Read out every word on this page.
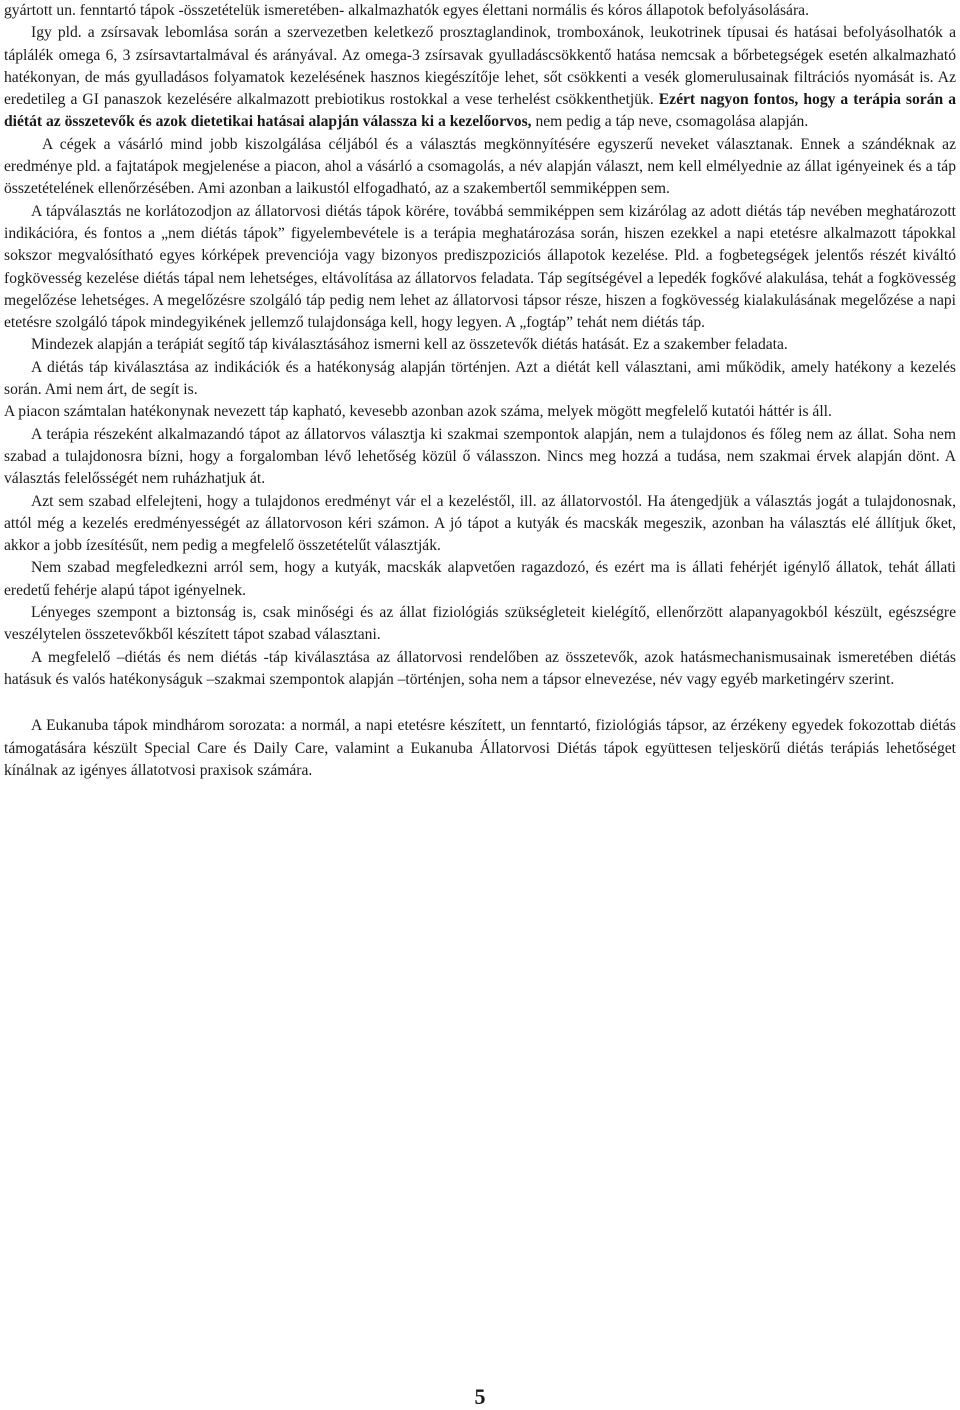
gyártott un. fenntartó tápok -összetételük ismeretében- alkalmazhatók egyes élettani normális és kóros állapotok befolyásolására.

Igy pld. a zsírsavak lebomlása során a szervezetben keletkező prosztaglandinok, tromboxánok, leukotrinek típusai és hatásai befolyásolhatók a táplálék omega 6, 3 zsírsavtartalmával és arányával. Az omega-3 zsírsavak gyulladáscsökkentő hatása nemcsak a bőrbetegségek esetén alkalmazható hatékonyan, de más gyulladásos folyamatok kezelésének hasznos kiegészítője lehet, sőt csökkenti a vesék glomerulusainak filtrációs nyomását is. Az eredetileg a GI panaszok kezelésére alkalmazott prebiotikus rostokkal a vese terhelést csökkenthetjük. Ezért nagyon fontos, hogy a terápia során a diétát az összetevők és azok dietetikai hatásai alapján válassza ki a kezelőorvos, nem pedig a táp neve, csomagolása alapján.

A cégek a vásárló mind jobb kiszolgálása céljából és a választás megkönnyítésére egyszerű neveket választanak. Ennek a szándéknak az eredménye pld. a fajtatápok megjelenése a piacon, ahol a vásárló a csomagolás, a név alapján választ, nem kell elmélyednie az állat igényeinek és a táp összetételének ellenőrzésében. Ami azonban a laikustól elfogadható, az a szakembertől semmiképpen sem.

A tápválasztás ne korlátozodjon az állatorvosi diétás tápok körére, továbbá semmiképpen sem kizárólag az adott diétás táp nevében meghatározott indikációra, és fontos a „nem diétás tápok” figyelembevétele is a terápia meghatározása során, hiszen ezekkel a napi etetésre alkalmazott tápokkal sokszor megvalósítható egyes kórképek prevenciója vagy bizonyos prediszpoziciós állapotok kezelése. Pld. a fogbetegségek jelentős részét kiváltó fogkövesség kezelése diétás tápal nem lehetséges, eltávolítása az állatorvos feladata. Táp segítségével a lepedék fogkővé alakulása, tehát a fogkövesség megelőzése lehetséges. A megelőzésre szolgáló táp pedig nem lehet az állatorvosi tápsor része, hiszen a fogkövesség kialakulásának megelőzése a napi etetésre szolgáló tápok mindegyikének jellemző tulajdonsága kell, hogy legyen. A „fogtáp” tehát nem diétás táp.

Mindezek alapján a terápiát segítő táp kiválasztásához ismerni kell az összetevők diétás hatását. Ez a szakember feladata.

A diétás táp kiválasztása az indikációk és a hatékonyság alapján történjen. Azt a diétát kell választani, ami működik, amely hatékony a kezelés során. Ami nem árt, de segít is.

A piacon számtalan hatékonynak nevezett táp kapható, kevesebb azonban azok száma, melyek mögött megfelelő kutatói háttér is áll.

A terápia részeként alkalmazandó tápot az állatorvos választja ki szakmai szempontok alapján, nem a tulajdonos és főleg nem az állat. Soha nem szabad a tulajdonosra bízni, hogy a forgalomban lévő lehetőség közül ő válasszon. Nincs meg hozzá a tudása, nem szakmai érvek alapján dönt. A választás felelősségét nem ruházhatjuk át.

Azt sem szabad elfelejteni, hogy a tulajdonos eredményt vár el a kezeléstől, ill. az állatorvostól. Ha átengedjük a választás jogát a tulajdonosnak, attól még a kezelés eredményességét az állatorvoson kéri számon. A jó tápot a kutyák és macskák megeszik, azonban ha választás elé állítjuk őket, akkor a jobb ízesítésűt, nem pedig a megfelelő összetételűt választják.

Nem szabad megfeledkezni arról sem, hogy a kutyák, macskák alapvetően ragazdozó, és ezért ma is állati fehérjét igénylő állatok, tehát állati eredetű fehérje alapú tápot igényelnek.

Lényeges szempont a biztonság is, csak minőségi és az állat fiziológiás szükségleteit kielégítő, ellenőrzött alapanyagokból készült, egészségre veszélytelen összetevőkből készített tápot szabad választani.

A megfelelő –diétás és nem diétás -táp kiválasztása az állatorvosi rendelőben az összetevők, azok hatásmechanismusainak ismeretében diétás hatásuk és valós hatékonyságuk –szakmai szempontok alapján –történjen, soha nem a tápsor elnevezése, név vagy egyéb marketingérv szerint.

A Eukanuba tápok mindhárom sorozata: a normál, a napi etetésre készített, un fenntartó, fiziológiás tápsor, az érzékeny egyedek fokozottab diétás támogatására készült Special Care és Daily Care, valamint a Eukanuba Állatorvosi Diétás tápok együttesen teljeskörű diétás terápiás lehetőséget kínálnak az igényes állatotvosi praxisok számára.

5
